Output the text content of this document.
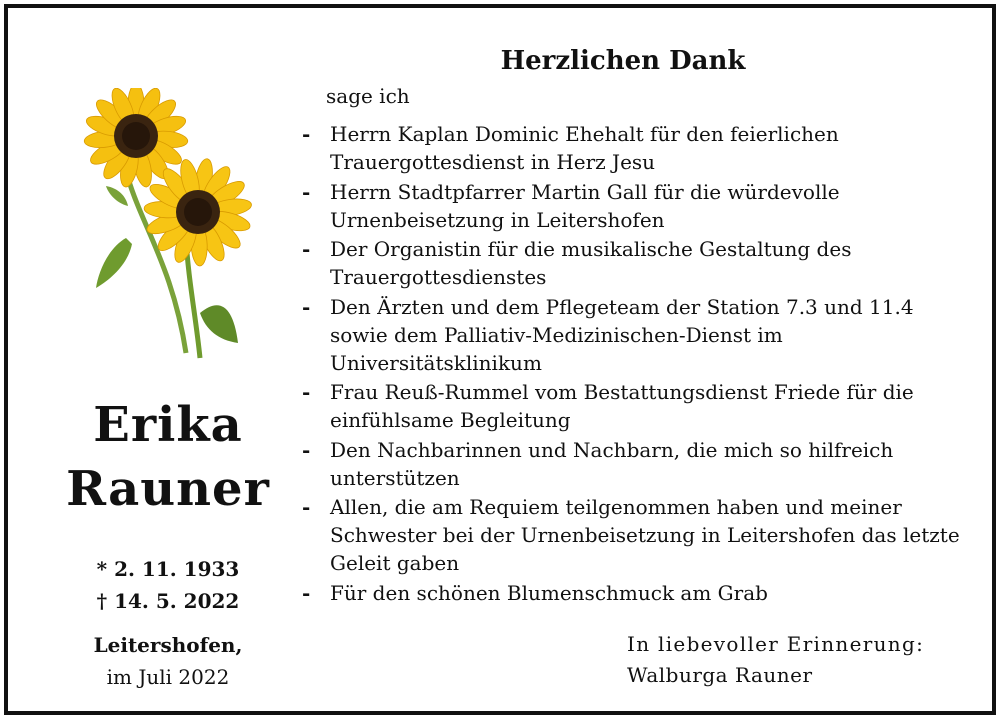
Erika
Rauner
* 2. 11. 1933
† 14. 5. 2022
Leitershofen,
im Juli 2022
Herzlichen Dank
sage ich
- Herrn Kaplan Dominic Ehehalt für den feierlichen Trauergottesdienst in Herz Jesu
- Herrn Stadtpfarrer Martin Gall für die würdevolle Urnenbeisetzung in Leitershofen
- Der Organistin für die musikalische Gestaltung des Trauergottesdienstes
- Den Ärzten und dem Pflegeteam der Station 7.3 und 11.4 sowie dem Palliativ-Medizinischen-Dienst im Universitätsklinikum
- Frau Reuß-Rummel vom Bestattungsdienst Friede für die einfühlsame Begleitung
- Den Nachbarinnen und Nachbarn, die mich so hilfreich unterstützen
- Allen, die am Requiem teilgenommen haben und meiner Schwester bei der Urnenbeisetzung in Leitershofen das letzte Geleit gaben
- Für den schönen Blumenschmuck am Grab
In liebevoller Erinnerung:
Walburga Rauner
